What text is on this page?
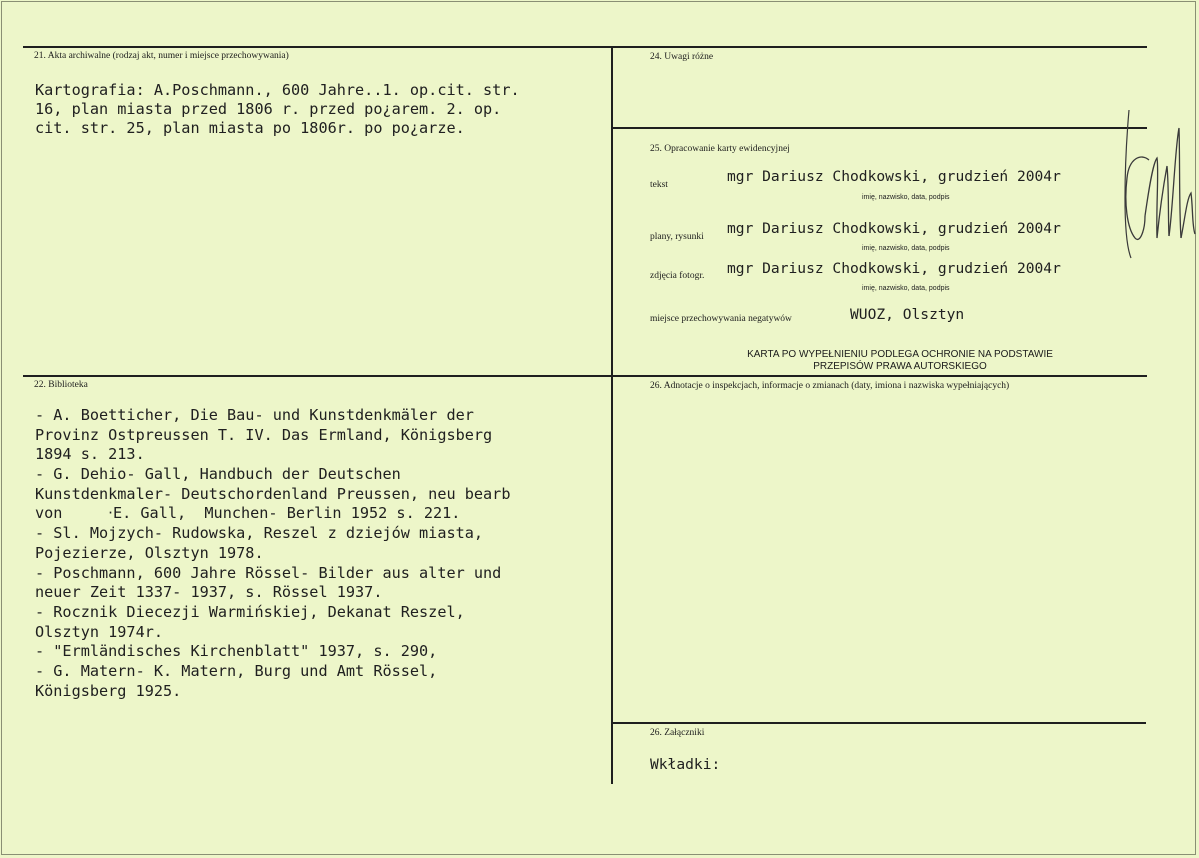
21. Akta archiwalne (rodzaj akt, numer i miejsce przechowywania)
Kartografia: A.Poschmann., 600 Jahre..1. op.cit. str.
16, plan miasta przed 1806 r. przed po¿arem. 2. op.
cit. str. 25, plan miasta po 1806r. po po¿arze.
24. Uwagi różne
25. Opracowanie karty ewidencyjnej
tekst	mgr Dariusz Chodkowski, grudzień 2004r
imię, nazwisko, data, podpis
plany, rysunki mgr Dariusz Chodkowski, grudzień 2004r
imię, nazwisko, data, podpis
zdjęcia fotogr. mgr Dariusz Chodkowski, grudzień 2004r
imię, nazwisko, data, podpis
miejsce przechowywania negatywów	WUOZ, Olsztyn
KARTA PO WYPEŁNIENIU PODLEGA OCHRONIE NA PODSTAWIE
PRZEPISÓW PRAWA AUTORSKIEGO
22. Biblioteka
- A. Boetticher, Die Bau- und Kunstdenkmäler der
Provinz Ostpreussen T. IV. Das Ermland, Königsberg
1894 s. 213.
- G. Dehio- Gall, Handbuch der Deutschen
Kunstdenkmaler- Deutschordenland Preussen, neu bearb
von     ‧E. Gall,  Munchen- Berlin 1952 s. 221.
- Sl. Mojzych- Rudowska, Reszel z dziejów miasta,
Pojezierze, Olsztyn 1978.
- Poschmann, 600 Jahre Rössel- Bilder aus alter und
neuer Zeit 1337- 1937, s. Rössel 1937.
- Rocznik Diecezji Warmińskiej, Dekanat Reszel,
Olsztyn 1974r.
- "Ermländisches Kirchenblatt" 1937, s. 290,
- G. Matern- K. Matern, Burg und Amt Rössel,
Königsberg 1925.
26. Adnotacje o inspekcjach, informacje o zmianach (daty, imiona i nazwiska wypełniających)
26. Załączniki
Wkładki:
